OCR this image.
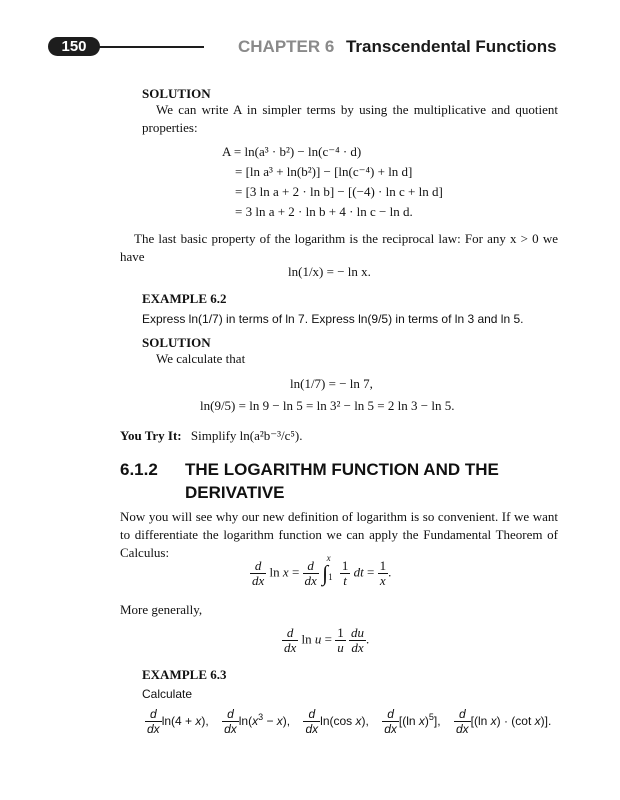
150	CHAPTER 6 Transcendental Functions
SOLUTION
We can write A in simpler terms by using the multiplicative and quotient properties:
A = ln(a³ · b²) − ln(c⁻⁴ · d)
= [ln a³ + ln(b²)] − [ln(c⁻⁴) + ln d]
= [3 ln a + 2 · ln b] − [(−4) · ln c + ln d]
= 3 ln a + 2 · ln b + 4 · ln c − ln d.
The last basic property of the logarithm is the reciprocal law: For any x > 0 we have
ln(1/x) = − ln x.
EXAMPLE 6.2
Express ln(1/7) in terms of ln 7. Express ln(9/5) in terms of ln 3 and ln 5.
SOLUTION
We calculate that
ln(1/7) = − ln 7,
ln(9/5) = ln 9 − ln 5 = ln 3² − ln 5 = 2 ln 3 − ln 5.
You Try It: Simplify ln(a²b⁻³/c⁵).
6.1.2 THE LOGARITHM FUNCTION AND THE
DERIVATIVE
Now you will see why our new definition of logarithm is so convenient. If we want to differentiate the logarithm function we can apply the Fundamental Theorem of Calculus:
$\frac{d}{dx}$ $\ln x = \frac{d}{dx} \int_1^x$
$\frac{1}{t}$ dt = $\frac{1}{x}$ .
More generally,
$\frac{d}{dx}$ $\ln u = \frac{1}{u}$
$\frac{du}{dx}$ .
EXAMPLE 6.3
Calculate
$\frac{d}{dx} \ln(4 + x)$, $\frac{d}{dx} \ln(x^3 - x)$, $\frac{d}{dx} \ln(\cos$ x), $\frac{d}{dx} [(\ln$ x)$^5$], $\frac{d}{dx} [(\ln$ x) · (cot x)].
